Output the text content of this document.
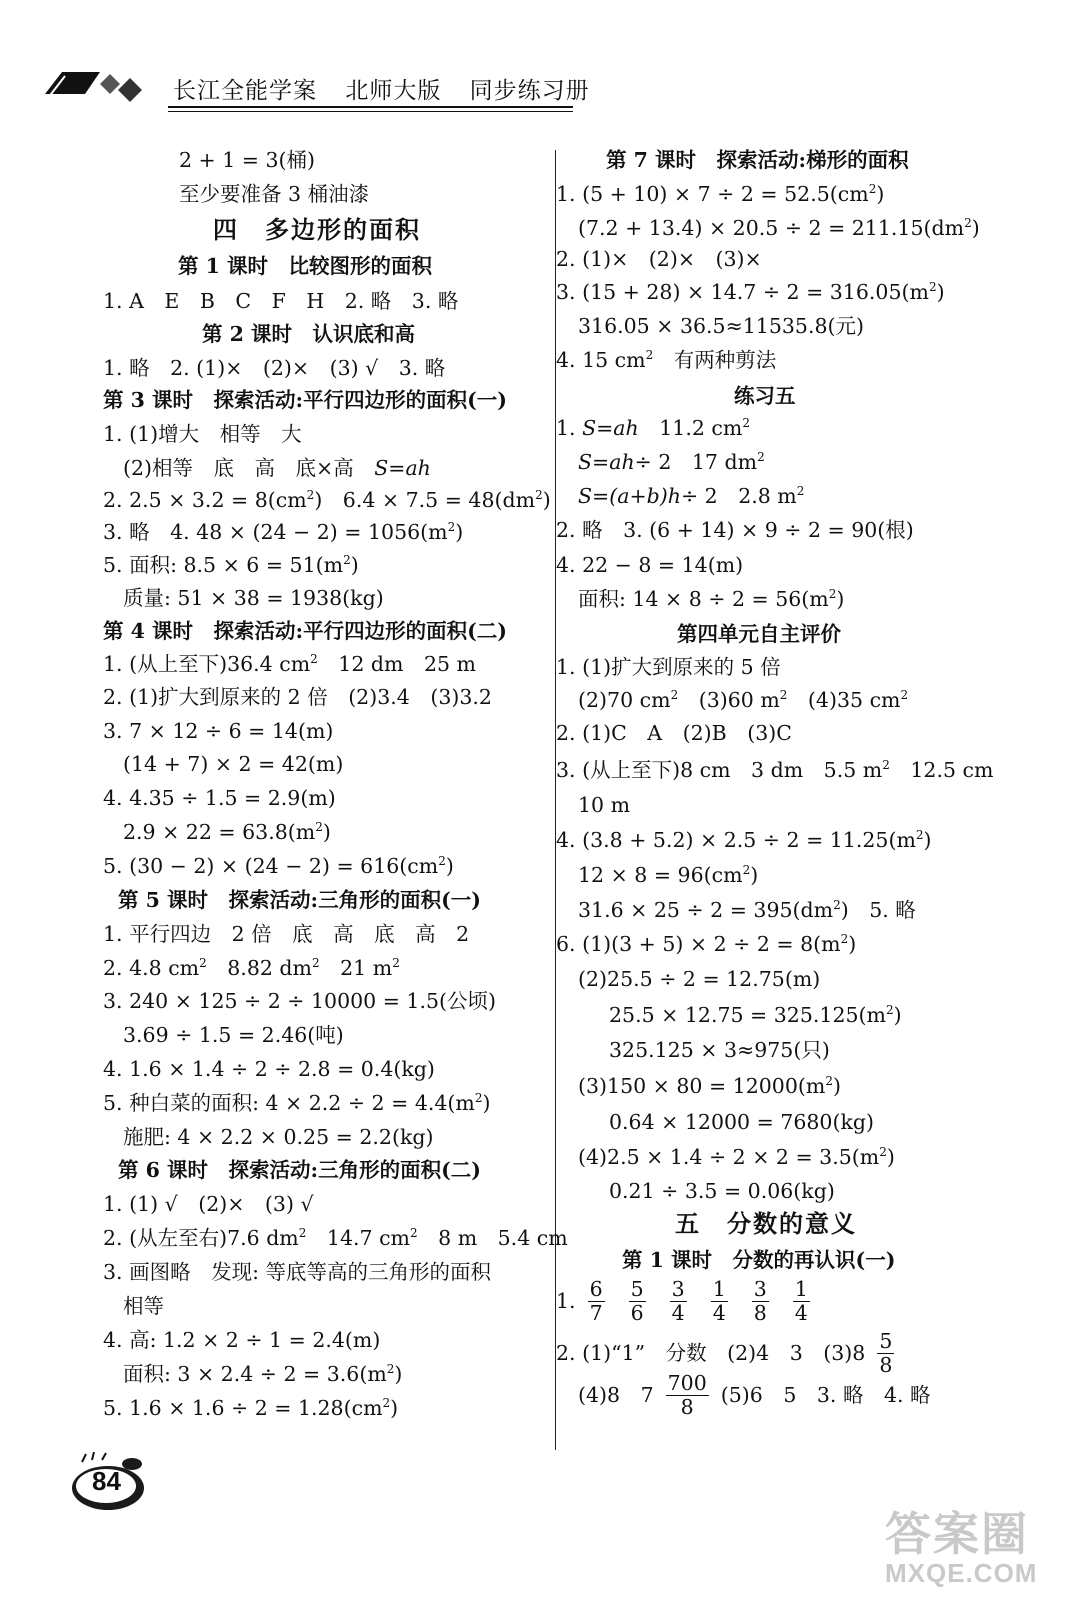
长江全能学案 北师大版 同步练习册
2 + 1 = 3(桶)
至少要准备 3 桶油漆
四　多边形的面积
第 1 课时　比较图形的面积
1. A　E　B　C　F　H　2. 略　3. 略
第 2 课时　认识底和高
1. 略　2. (1)×　(2)×　(3) √　3. 略
第 3 课时　探索活动:平行四边形的面积(一)
1. (1)增大　相等　大
(2)相等　底　高　底×高　S=ah
2. $2.5 \times 3.2 = 8(cm^2)$　$6.4 \times 7.5 = 48(dm^2)$
3. 略　4. $48 \times (24 - 2) = 1056(m^2)$
5. 面积: $8.5 \times 6 = 51(m^2)$
质量: 51 × 38 = 1938(kg)
第 4 课时　探索活动:平行四边形的面积(二)
1. (从上至下)36.4 $cm^2$　12 dm　25 m
2. (1)扩大到原来的 2 倍　(2)3.4　(3)3.2
3. 7 × 12 ÷ 6 = 14(m)
(14 + 7) × 2 = 42(m)
4. 4.35 ÷ 1.5 = 2.9(m)
$2.9 \times 22 = 63.8(m^2)$
5. $(30 - 2) \times (24 - 2) = 616(cm^2)$
第 5 课时　探索活动:三角形的面积(一)
1. 平行四边　2 倍　底　高　底　高　2
2. 4.8 $cm^2$　8.82 $dm^2$　21 $m^2$
3. 240 × 125 ÷ 2 ÷ 10000 = 1.5(公顷)
3.69 ÷ 1.5 = 2.46(吨)
4. 1.6 × 1.4 ÷ 2 ÷ 2.8 = 0.4(kg)
5. 种白菜的面积: $4 \times 2.2 \div 2 = 4.4(m^2)$
施肥: 4 × 2.2 × 0.25 = 2.2(kg)
第 6 课时　探索活动:三角形的面积(二)
1. (1) √　(2)×　(3) √
2. (从左至右)7.6 $dm^2$　14.7 $cm^2$　8 m　5.4 cm
3. 画图略　发现: 等底等高的三角形的面积
相等
4. 高: 1.2 × 2 ÷ 1 = 2.4(m)
面积: $3 \times 2.4 \div 2 = 3.6(m^2)$
5. $1.6 \times 1.6 \div 2 = 1.28(cm^2)$
第 7 课时　探索活动:梯形的面积
1. $(5 + 10) \times 7 \div 2 = 52.5(cm^2)$
$(7.2 + 13.4) \times 20.5 \div 2 = 211.15(dm^2)$
2. (1)×　(2)×　(3)×
3. $(15 + 28) \times 14.7 \div 2 = 316.05(m^2)$
316.05 × 36.5≈11535.8(元)
4. 15 $cm^2$　有两种剪法
练习五
1. S=ah　11.2 $cm^2$
S=ah÷ 2　17 $dm^2$
S=(a+b)h÷ 2　2.8 $m^2$
2. 略　3. (6 + 14) × 9 ÷ 2 = 90(根)
4. 22 − 8 = 14(m)
面积: $14 \times 8 \div 2 = 56(m^2)$
第四单元自主评价
1. (1)扩大到原来的 5 倍
(2)70 $cm^2$　(3)60 $m^2$　(4)35 $cm^2$
2. (1)C　A　(2)B　(3)C
3. (从上至下)8 cm　3 dm　5.5 $m^2$　12.5 cm
10 m
4. $(3.8 + 5.2) \times 2.5 \div 2 = 11.25(m^2)$
$12 \times 8 = 96(cm^2)$
$31.6 \times 25 \div 2 = 395(dm^2)$　5. 略
6. $(1)(3 + 5) \times 2 \div 2 = 8(m^2)$
(2)25.5 ÷ 2 = 12.75(m)
$25.5 \times 12.75 = 325.125(m^2)$
325.125 × 3≈975(只)
$(3)150 \times 80 = 12000(m^2)$
0.64 × 12000 = 7680(kg)
$(4)2.5 \times 1.4 \div 2 \times 2 = 3.5(m^2)$
0.21 ÷ 3.5 = 0.06(kg)
五　分数的意义
第 1 课时　分数的再认识(一)
1. $\frac{6}{7} \frac{5}{6} \frac{3}{4} \frac{1}{4} \frac{3}{8} \frac{1}{4}$
2. (1)“1”　分数　(2)4　3　$(3)8 \frac{5}{8}$
(4)8　$7 \frac{700}{8} (5)6$　5　3. 略　4. 略
84
答案圈
MXQE.COM
